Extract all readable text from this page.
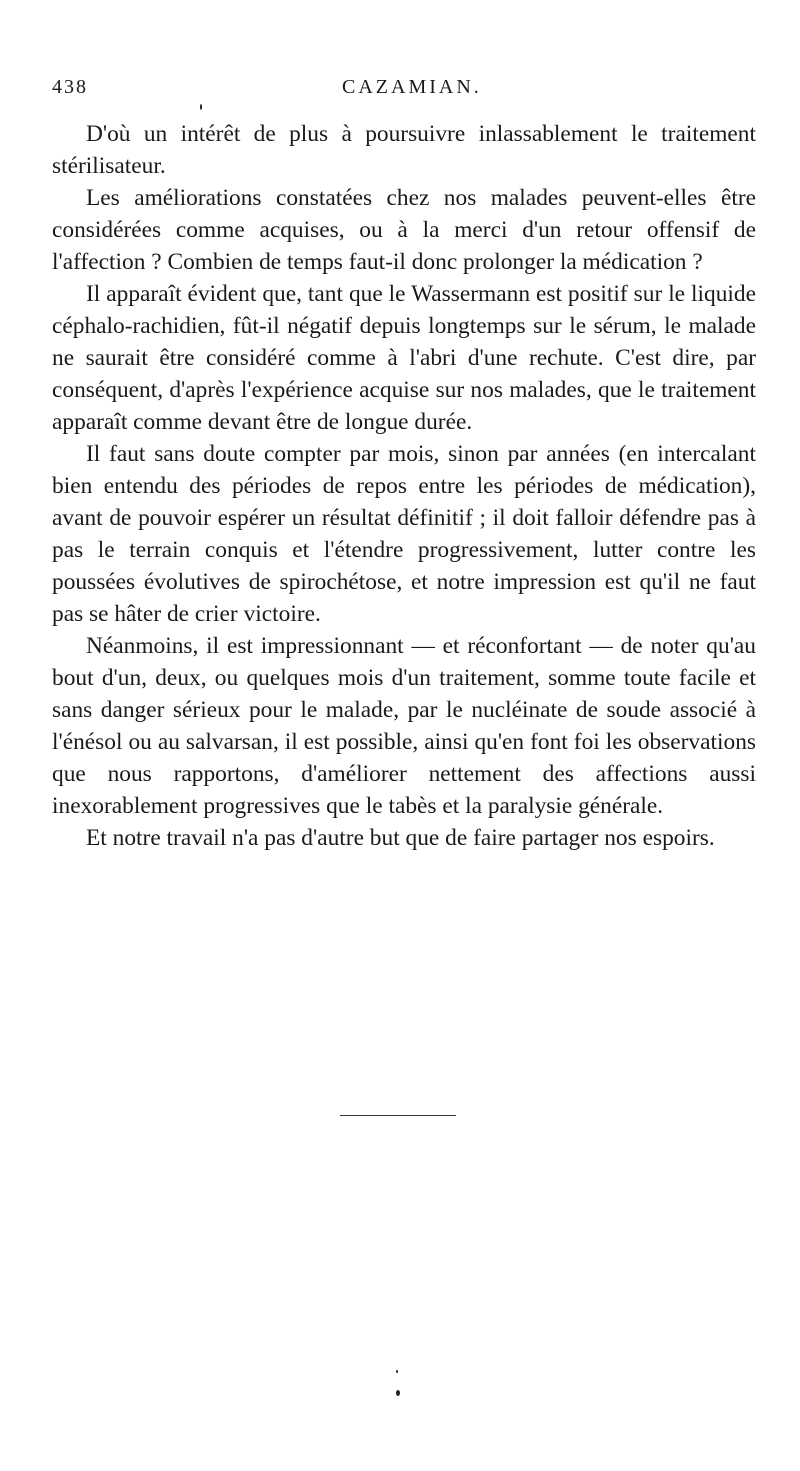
438	CAZAMIAN.

D'où un intérêt de plus à poursuivre inlassablement le traitement stérilisateur.

Les améliorations constatées chez nos malades peuvent-elles être considérées comme acquises, ou à la merci d'un retour offensif de l'affection ? Combien de temps faut-il donc prolonger la médication ?

Il apparaît évident que, tant que le Wassermann est positif sur le liquide céphalo-rachidien, fût-il négatif depuis longtemps sur le sérum, le malade ne saurait être considéré comme à l'abri d'une rechute. C'est dire, par conséquent, d'après l'expérience acquise sur nos malades, que le traitement apparaît comme devant être de longue durée.

Il faut sans doute compter par mois, sinon par années (en intercalant bien entendu des périodes de repos entre les périodes de médication), avant de pouvoir espérer un résultat définitif ; il doit falloir défendre pas à pas le terrain conquis et l'étendre progressivement, lutter contre les poussées évolutives de spirochétose, et notre impression est qu'il ne faut pas se hâter de crier victoire.

Néanmoins, il est impressionnant — et réconfortant — de noter qu'au bout d'un, deux, ou quelques mois d'un traitement, somme toute facile et sans danger sérieux pour le malade, par le nucléinate de soude associé à l'énésol ou au salvarsan, il est possible, ainsi qu'en font foi les observations que nous rapportons, d'améliorer nettement des affections aussi inexorablement progressives que le tabès et la paralysie générale.

Et notre travail n'a pas d'autre but que de faire partager nos espoirs.
